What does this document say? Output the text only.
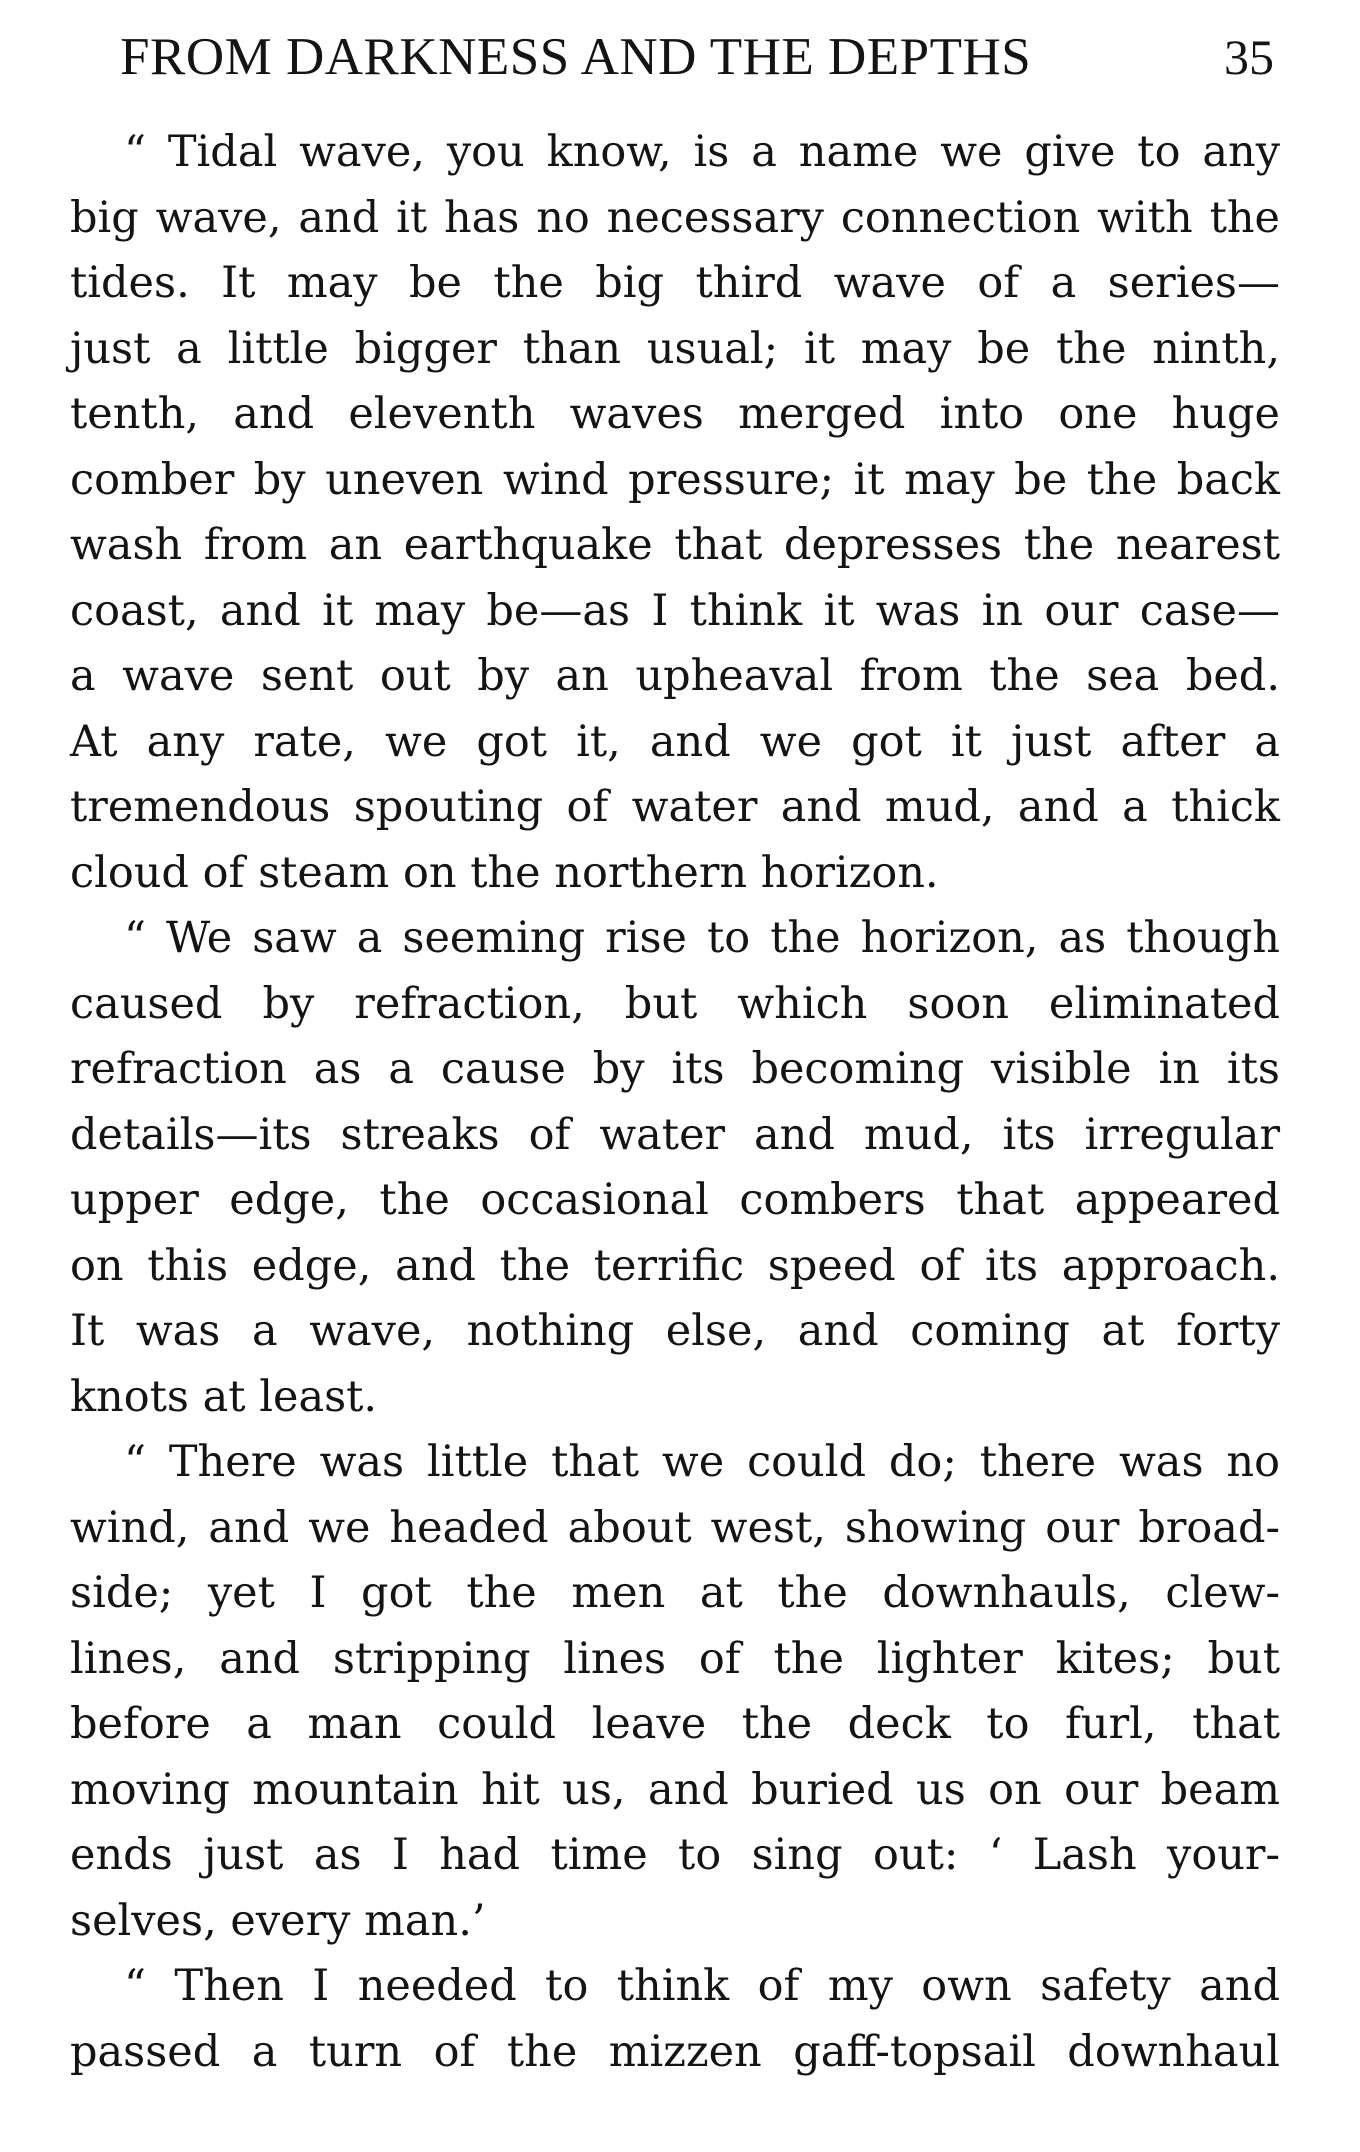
FROM DARKNESS AND THE DEPTHS	35
“ Tidal wave, you know, is a name we give to any
big wave, and it has no necessary connection with the
tides. It may be the big third wave of a series—
just a little bigger than usual; it may be the ninth,
tenth, and eleventh waves merged into one huge
comber by uneven wind pressure; it may be the back
wash from an earthquake that depresses the nearest
coast, and it may be—as I think it was in our case—
a wave sent out by an upheaval from the sea bed.
At any rate, we got it, and we got it just after a
tremendous spouting of water and mud, and a thick
cloud of steam on the northern horizon.
“ We saw a seeming rise to the horizon, as though
caused by refraction, but which soon eliminated
refraction as a cause by its becoming visible in its
details—its streaks of water and mud, its irregular
upper edge, the occasional combers that appeared
on this edge, and the terrific speed of its approach.
It was a wave, nothing else, and coming at forty
knots at least.
“ There was little that we could do; there was no
wind, and we headed about west, showing our broad-
side; yet I got the men at the downhauls, clew-
lines, and stripping lines of the lighter kites; but
before a man could leave the deck to furl, that
moving mountain hit us, and buried us on our beam
ends just as I had time to sing out: ‘ Lash your-
selves, every man.’
“ Then I needed to think of my own safety and
passed a turn of the mizzen gaff-topsail downhaul
